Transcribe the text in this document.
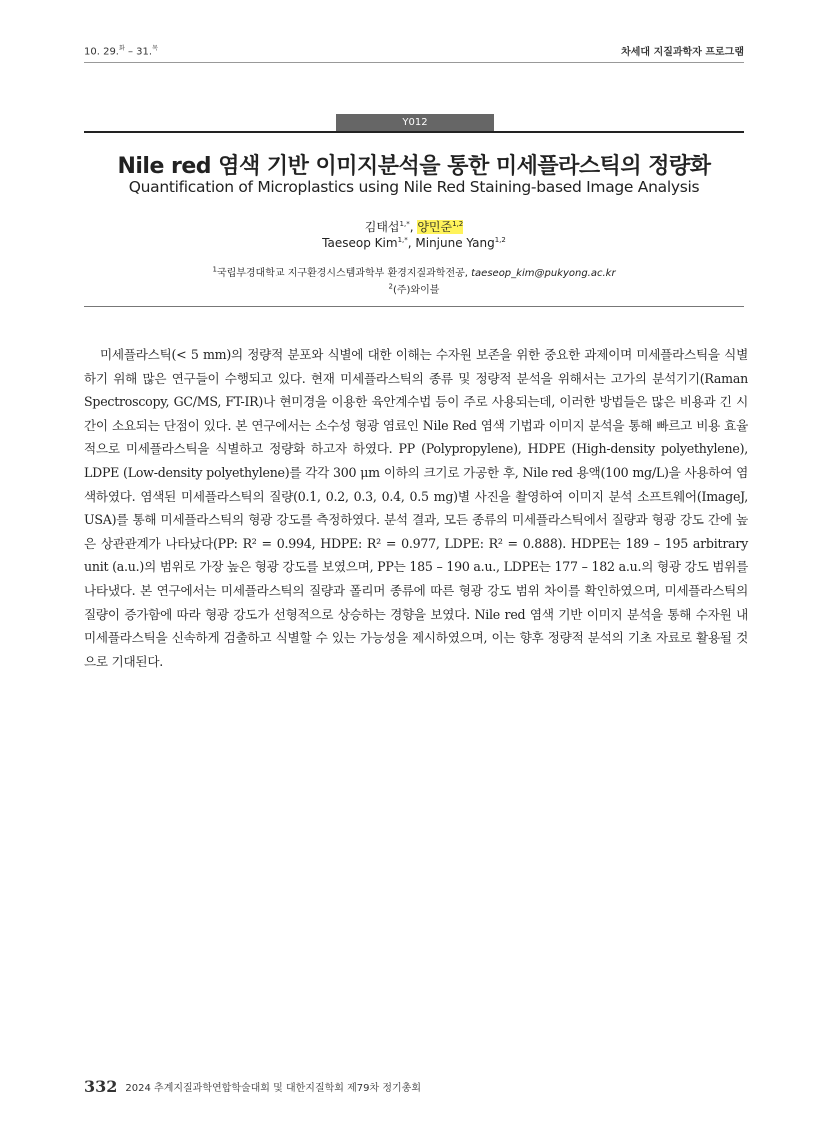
10. 29.$^화$ – 31.$^목$	차세대 지질과학자 프로그램
Y012
Nile red 염색 기반 이미지분석을 통한 미세플라스틱의 정량화
Quantification of Microplastics using Nile Red Staining-based Image Analysis
김태섭$^{1,*}$, 양민준$^{1,2}$
Taeseop Kim$^{1,*}$, Minjune Yang$^{1,2}$
$^1$국립부경대학교 지구환경시스템과학부 환경지질과학전공, taeseop_kim@pukyong.ac.kr
$^2$(주)와이블

미세플라스틱(< 5 mm)의 정량적 분포와 식별에 대한 이해는 수자원 보존을 위한 중요한 과제이며 미세플라스틱을 식별하기 위해 많은 연구들이 수행되고 있다. 현재 미세플라스틱의 종류 및 정량적 분석을 위해서는 고가의 분석기기(Raman Spectroscopy, GC/MS, FT-IR)나 현미경을 이용한 육안계수법 등이 주로 사용되는데, 이러한 방법들은 많은 비용과 긴 시간이 소요되는 단점이 있다. 본 연구에서는 소수성 형광 염료인 Nile Red 염색 기법과 이미지 분석을 통해 빠르고 비용 효율적으로 미세플라스틱을 식별하고 정량화 하고자 하였다. PP (Polypropylene), HDPE (High-density polyethylene), LDPE (Low-density polyethylene)를 각각 300 μm 이하의 크기로 가공한 후, Nile red 용액(100 mg/L)을 사용하여 염색하였다. 염색된 미세플라스틱의 질량(0.1, 0.2, 0.3, 0.4, 0.5 mg)별 사진을 촬영하여 이미지 분석 소프트웨어(ImageJ, USA)를 통해 미세플라스틱의 형광 강도를 측정하였다. 분석 결과, 모든 종류의 미세플라스틱에서 질량과 형광 강도 간에 높은 상관관계가 나타났다(PP: R² = 0.994, HDPE: R² = 0.977, LDPE: R² = 0.888). HDPE는 189 – 195 arbitrary unit (a.u.)의 범위로 가장 높은 형광 강도를 보였으며, PP는 185 – 190 a.u., LDPE는 177 – 182 a.u.의 형광 강도 범위를 나타냈다. 본 연구에서는 미세플라스틱의 질량과 폴리머 종류에 따른 형광 강도 범위 차이를 확인하였으며, 미세플라스틱의 질량이 증가함에 따라 형광 강도가 선형적으로 상승하는 경향을 보였다. Nile red 염색 기반 이미지 분석을 통해 수자원 내 미세플라스틱을 신속하게 검출하고 식별할 수 있는 가능성을 제시하였으며, 이는 향후 정량적 분석의 기초 자료로 활용될 것으로 기대된다.

332 2024 추계지질과학연합학술대회 및 대한지질학회 제79차 정기총회
